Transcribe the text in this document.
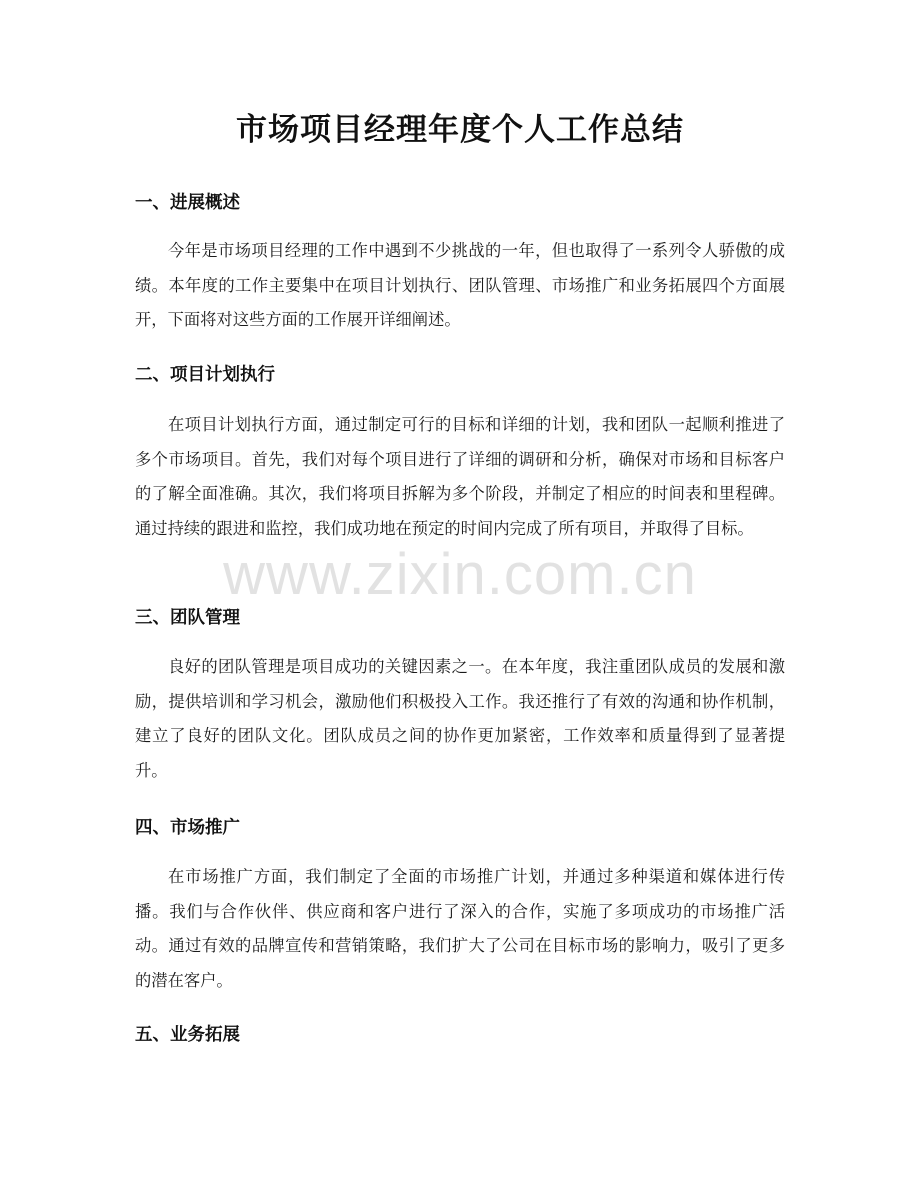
市场项目经理年度个人工作总结
一、进展概述

今年是市场项目经理的工作中遇到不少挑战的一年，但也取得了一系列令人骄傲的成绩。本年度的工作主要集中在项目计划执行、团队管理、市场推广和业务拓展四个方面展开，下面将对这些方面的工作展开详细阐述。

二、项目计划执行

在项目计划执行方面，通过制定可行的目标和详细的计划，我和团队一起顺利推进了多个市场项目。首先，我们对每个项目进行了详细的调研和分析，确保对市场和目标客户的了解全面准确。其次，我们将项目拆解为多个阶段，并制定了相应的时间表和里程碑。通过持续的跟进和监控，我们成功地在预定的时间内完成了所有项目，并取得了目标。

三、团队管理

良好的团队管理是项目成功的关键因素之一。在本年度，我注重团队成员的发展和激励，提供培训和学习机会，激励他们积极投入工作。我还推行了有效的沟通和协作机制，建立了良好的团队文化。团队成员之间的协作更加紧密，工作效率和质量得到了显著提升。

四、市场推广

在市场推广方面，我们制定了全面的市场推广计划，并通过多种渠道和媒体进行传播。我们与合作伙伴、供应商和客户进行了深入的合作，实施了多项成功的市场推广活动。通过有效的品牌宣传和营销策略，我们扩大了公司在目标市场的影响力，吸引了更多的潜在客户。

五、业务拓展
www.zixin.com.cn
